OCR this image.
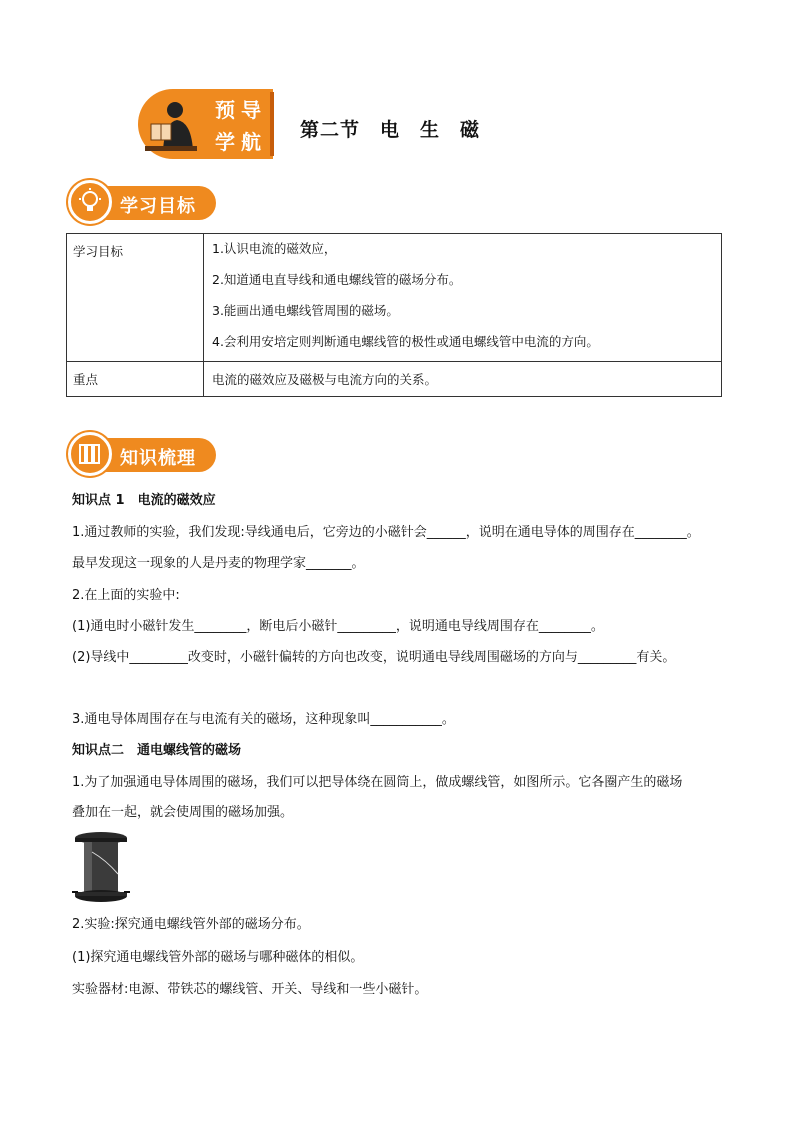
预 导
学 航 第二节　电　生　磁
学习目标
学习目标	1.认识电流的磁效应，
2.知道通电直导线和通电螺线管的磁场分布。
3.能画出通电螺线管周围的磁场。
4.会利用安培定则判断通电螺线管的极性或通电螺线管中电流的方向。

重点	电流的磁效应及磁极与电流方向的关系。
知识梳理
知识点 1　电流的磁效应
1.通过教师的实验，我们发现:导线通电后，它旁边的小磁针会______，说明在通电导体的周围存在________。
最早发现这一现象的人是丹麦的物理学家_______。
2.在上面的实验中:
(1)通电时小磁针发生________，断电后小磁针_________，说明通电导线周围存在________。
(2)导线中_________改变时，小磁针偏转的方向也改变，说明通电导线周围磁场的方向与_________有关。
3.通电导体周围存在与电流有关的磁场，这种现象叫___________。
知识点二　通电螺线管的磁场
1.为了加强通电导体周围的磁场，我们可以把导体绕在圆筒上，做成螺线管，如图所示。它各圈产生的磁场
叠加在一起，就会使周围的磁场加强。
2.实验:探究通电螺线管外部的磁场分布。
(1)探究通电螺线管外部的磁场与哪种磁体的相似。
实验器材:电源、带铁芯的螺线管、开关、导线和一些小磁针。
